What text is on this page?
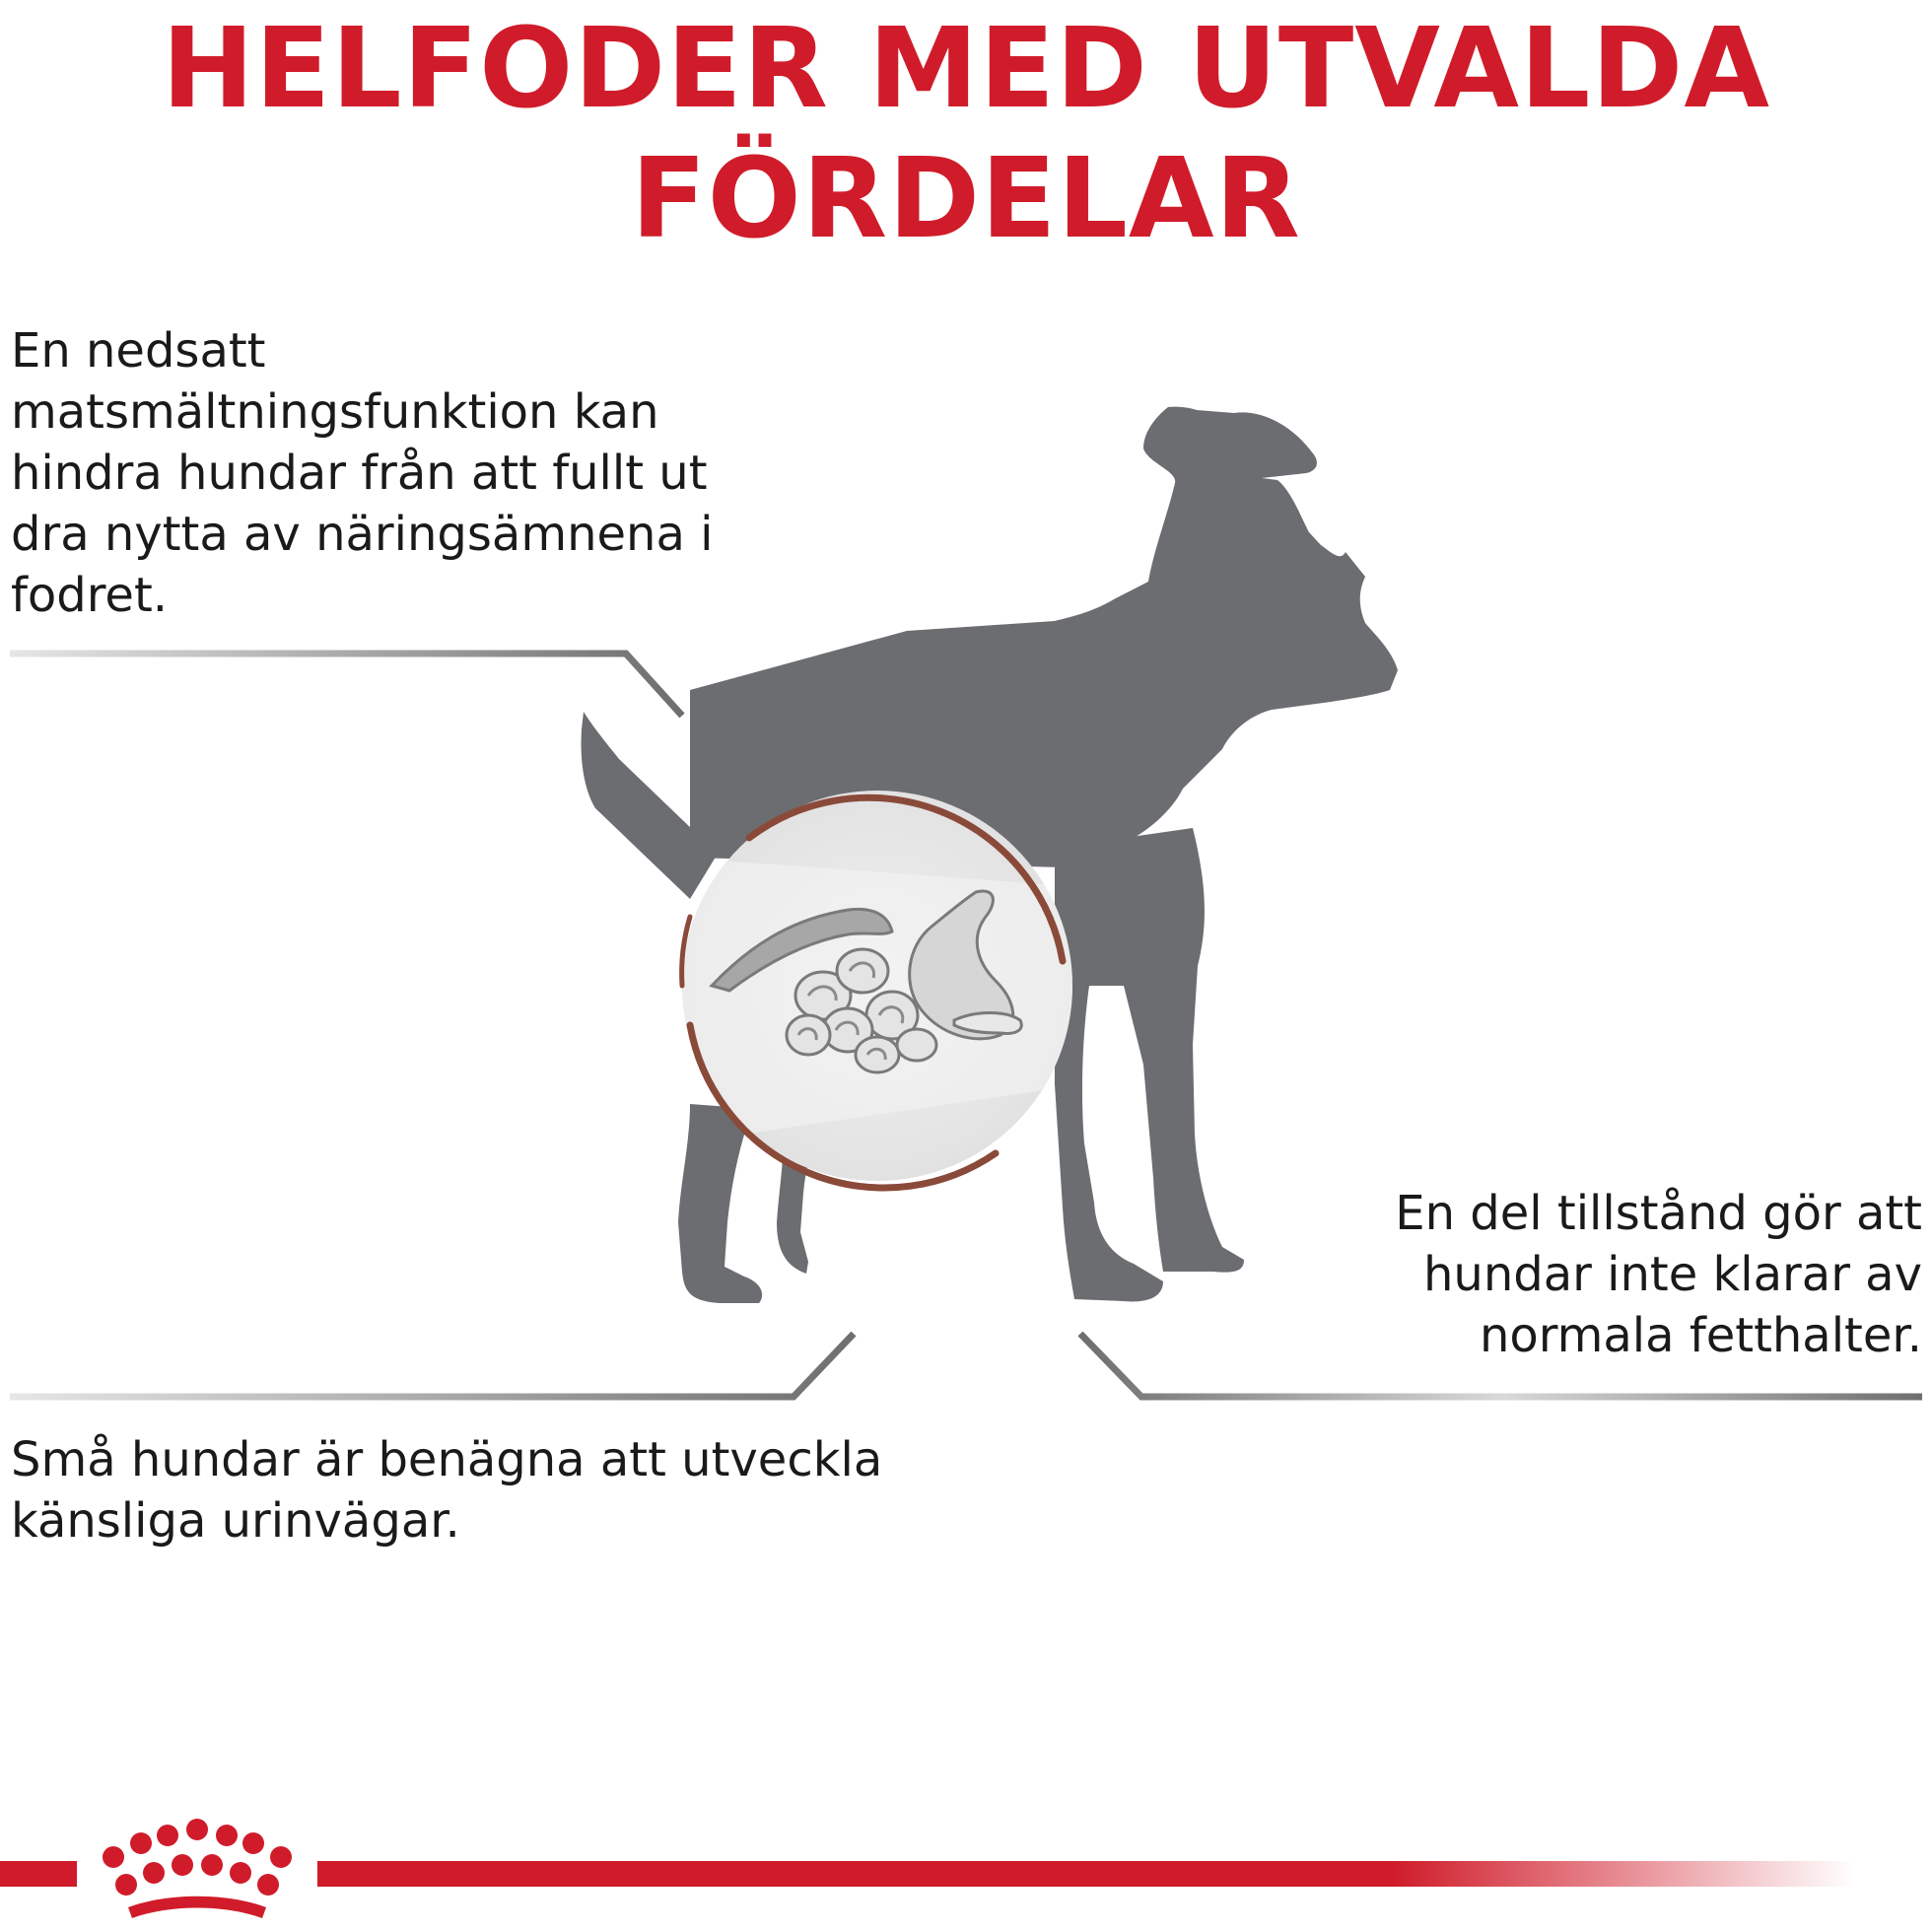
HELFODER MED UTVALDA
FÖRDELAR
En nedsatt
matsmältningsfunktion kan
hindra hundar från att fullt ut
dra nytta av näringsämnena i
fodret.
En del tillstånd gör att
hundar inte klarar av
normala fetthalter.
Små hundar är benägna att utveckla
känsliga urinvägar.
